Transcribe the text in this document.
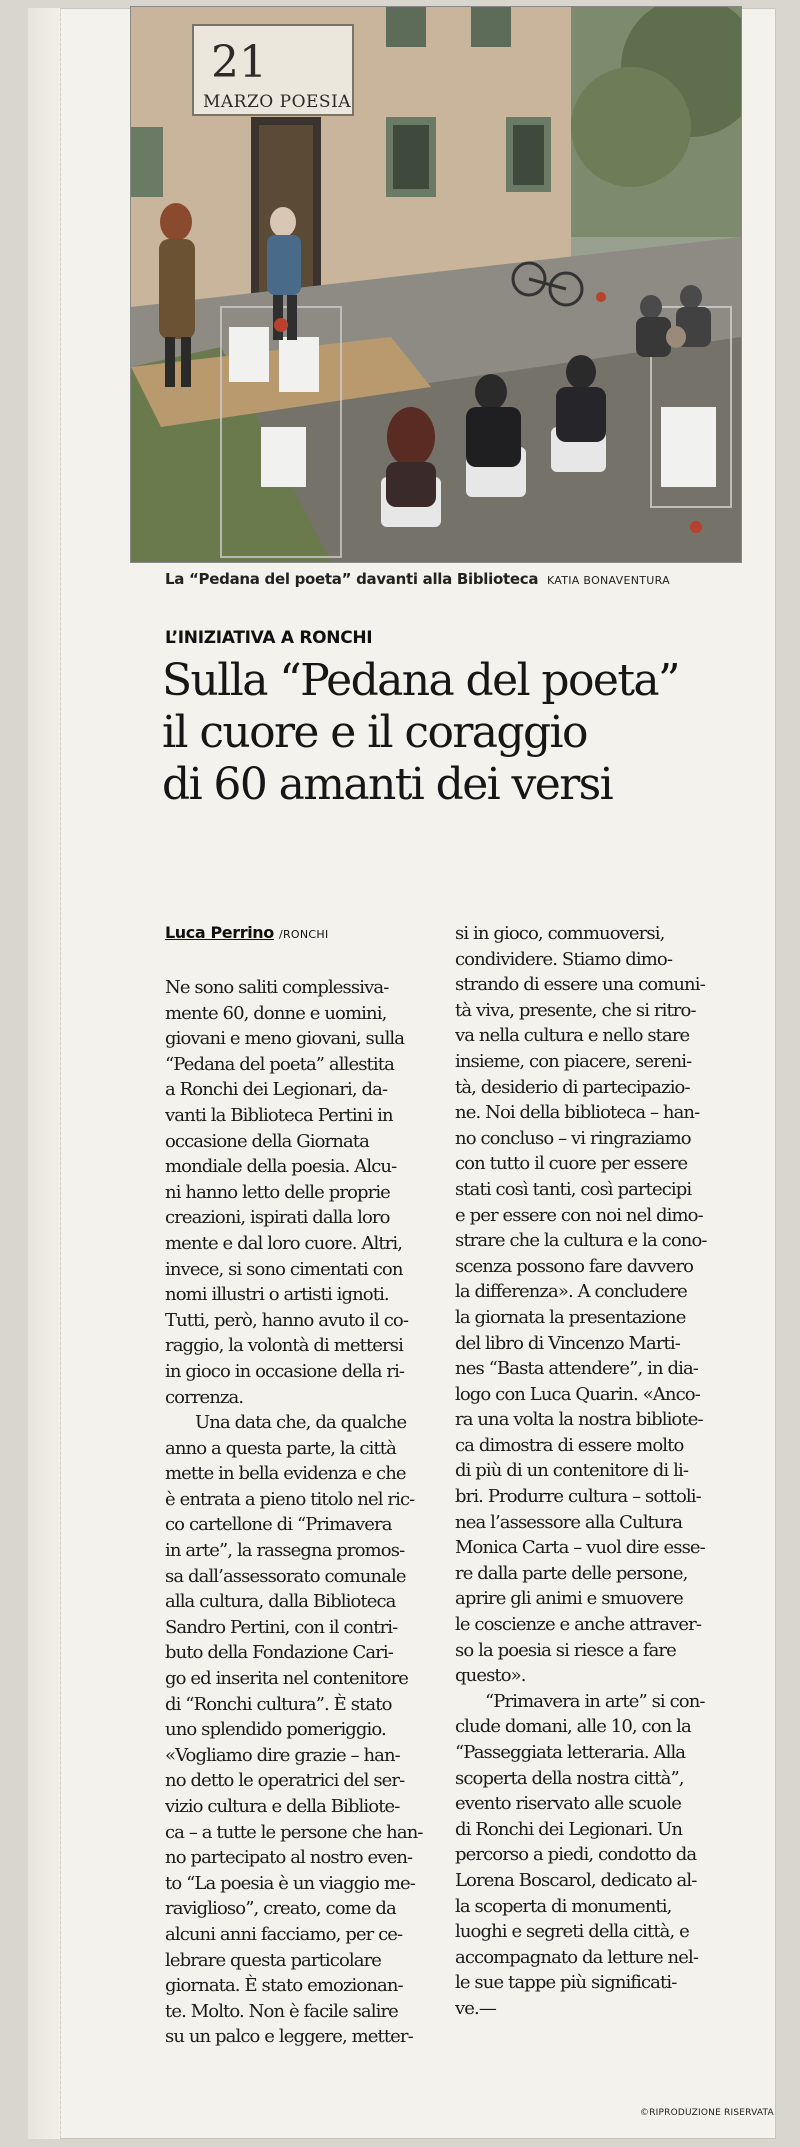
21
MARZO POESIA
La “Pedana del poeta” davanti alla Biblioteca KATIA BONAVENTURA
L’INIZIATIVA A RONCHI
Sulla “Pedana del poeta”
il cuore e il coraggio
di 60 amanti dei versi
Luca Perrino /RONCHI
Ne sono saliti complessiva-
mente 60, donne e uomini,
giovani e meno giovani, sulla
“Pedana del poeta” allestita
a Ronchi dei Legionari, da-
vanti la Biblioteca Pertini in
occasione della Giornata
mondiale della poesia. Alcu-
ni hanno letto delle proprie
creazioni, ispirati dalla loro
mente e dal loro cuore. Altri,
invece, si sono cimentati con
nomi illustri o artisti ignoti.
Tutti, però, hanno avuto il co-
raggio, la volontà di mettersi
in gioco in occasione della ri-
correnza.
Una data che, da qualche
anno a questa parte, la città
mette in bella evidenza e che
è entrata a pieno titolo nel ric-
co cartellone di “Primavera
in arte”, la rassegna promos-
sa dall’assessorato comunale
alla cultura, dalla Biblioteca
Sandro Pertini, con il contri-
buto della Fondazione Cari-
go ed inserita nel contenitore
di “Ronchi cultura”. È stato
uno splendido pomeriggio.
«Vogliamo dire grazie – han-
no detto le operatrici del ser-
vizio cultura e della Bibliote-
ca – a tutte le persone che han-
no partecipato al nostro even-
to “La poesia è un viaggio me-
raviglioso”, creato, come da
alcuni anni facciamo, per ce-
lebrare questa particolare
giornata. È stato emozionan-
te. Molto. Non è facile salire
su un palco e leggere, metter-
si in gioco, commuoversi,
condividere. Stiamo dimo-
strando di essere una comuni-
tà viva, presente, che si ritro-
va nella cultura e nello stare
insieme, con piacere, sereni-
tà, desiderio di partecipazio-
ne. Noi della biblioteca – han-
no concluso – vi ringraziamo
con tutto il cuore per essere
stati così tanti, così partecipi
e per essere con noi nel dimo-
strare che la cultura e la cono-
scenza possono fare davvero
la differenza». A concludere
la giornata la presentazione
del libro di Vincenzo Marti-
nes “Basta attendere”, in dia-
logo con Luca Quarin. «Anco-
ra una volta la nostra bibliote-
ca dimostra di essere molto
di più di un contenitore di li-
bri. Produrre cultura – sottoli-
nea l’assessore alla Cultura
Monica Carta – vuol dire esse-
re dalla parte delle persone,
aprire gli animi e smuovere
le coscienze e anche attraver-
so la poesia si riesce a fare
questo».
“Primavera in arte” si con-
clude domani, alle 10, con la
“Passeggiata letteraria. Alla
scoperta della nostra città”,
evento riservato alle scuole
di Ronchi dei Legionari. Un
percorso a piedi, condotto da
Lorena Boscarol, dedicato al-
la scoperta di monumenti,
luoghi e segreti della città, e
accompagnato da letture nel-
le sue tappe più significati-
ve.—
©RIPRODUZIONE RISERVATA
